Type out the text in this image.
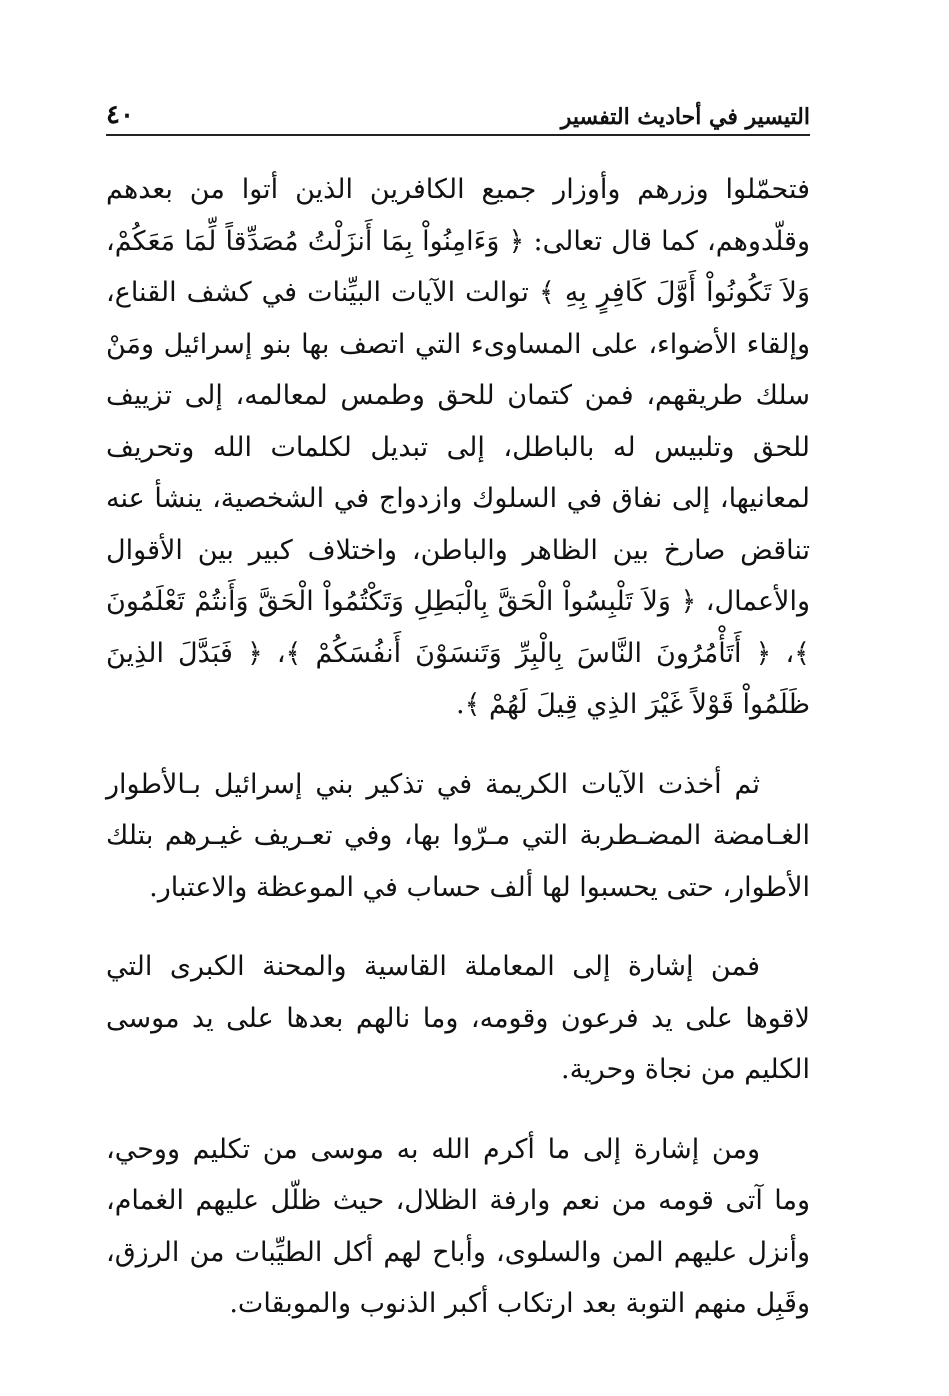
التيسير في أحاديث التفسير
٤٠

فتحمّلوا وزرهم وأوزار جميع الكافرين الذين أتوا من بعدهم وقلّدوهم، كما قال تعالى: ﴿ وَءَامِنُواْ بِمَا أَنزَلْتُ مُصَدِّقاً لِّمَا مَعَكُمْ، وَلاَ تَكُونُواْ أَوَّلَ كَافِرٍ بِهِ ﴾ توالت الآيات البيِّنات في كشف القناع، وإلقاء الأضواء، على المساوىء التي اتصف بها بنو إسرائيل ومَنْ سلك طريقهم، فمن كتمان للحق وطمس لمعالمه، إلى تزييف للحق وتلبيس له بالباطل، إلى تبديل لكلمات الله وتحريف لمعانيها، إلى نفاق في السلوك وازدواج في الشخصية، ينشأ عنه تناقض صارخ بين الظاهر والباطن، واختلاف كبير بين الأقوال والأعمال، ﴿ وَلاَ تَلْبِسُواْ الْحَقَّ بِالْبَطِلِ وَتَكْتُمُواْ الْحَقَّ وَأَنتُمْ تَعْلَمُونَ ﴾، ﴿ أَتَأْمُرُونَ النَّاسَ بِالْبِرِّ وَتَنسَوْنَ أَنفُسَكُمْ ﴾، ﴿ فَبَدَّلَ الذِينَ ظَلَمُواْ قَوْلاً غَيْرَ الذِي قِيلَ لَهُمْ ﴾.

ثم أخذت الآيات الكريمة في تذكير بني إسرائيل بـالأطوار الغـامضة المضـطربة التي مـرّوا بها، وفي تعـريف غيـرهم بتلك الأطوار، حتى يحسبوا لها ألف حساب في الموعظة والاعتبار.

فمن إشارة إلى المعاملة القاسية والمحنة الكبرى التي لاقوها على يد فرعون وقومه، وما نالهم بعدها على يد موسى الكليم من نجاة وحرية.

ومن إشارة إلى ما أكرم الله به موسى من تكليم ووحي، وما آتى قومه من نعم وارفة الظلال، حيث ظلّل عليهم الغمام، وأنزل عليهم المن والسلوى، وأباح لهم أكل الطيِّبات من الرزق، وقَبِل منهم التوبة بعد ارتكاب أكبر الذنوب والموبقات.
